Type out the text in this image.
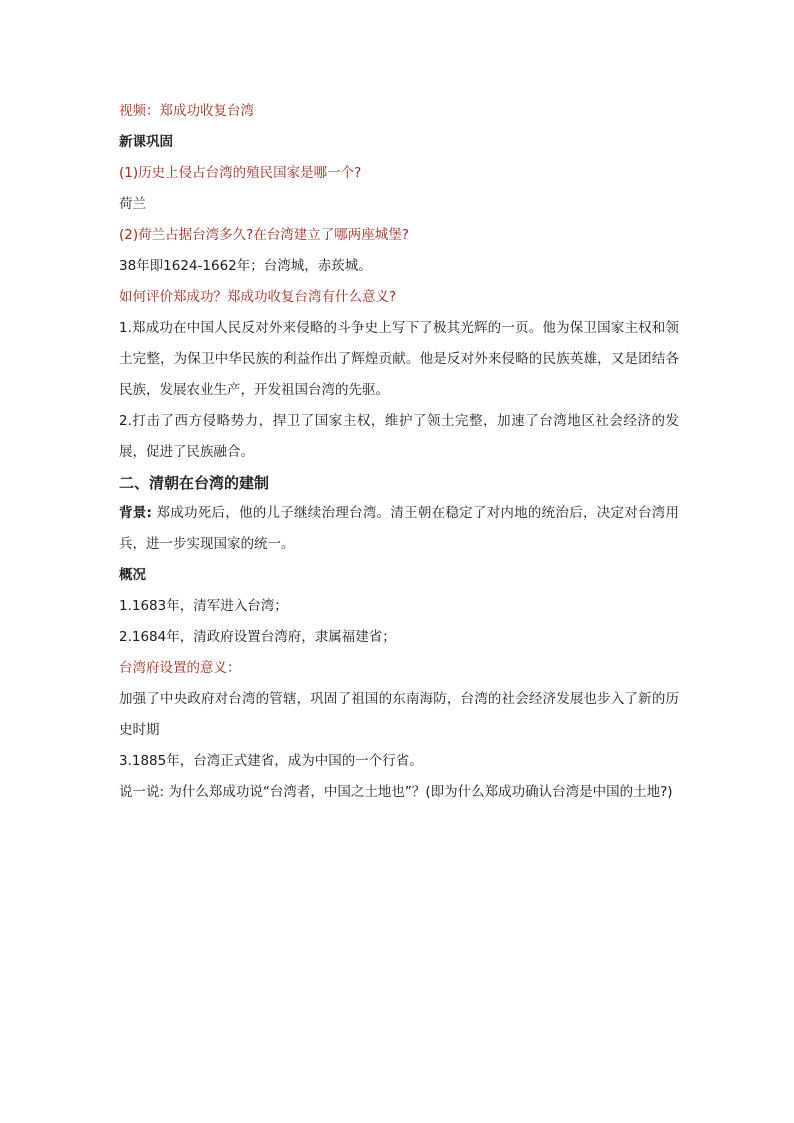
视频：郑成功收复台湾

新课巩固

(1)历史上侵占台湾的殖民国家是哪一个?

荷兰

(2)荷兰占据台湾多久?在台湾建立了哪两座城堡?

38年即1624-1662年；台湾城，赤莰城。

如何评价郑成功？郑成功收复台湾有什么意义?

1.郑成功在中国人民反对外来侵略的斗争史上写下了极其光辉的一页。他为保卫国家主权和领土完整，为保卫中华民族的利益作出了辉煌贡献。他是反对外来侵略的民族英雄，又是团结各民族，发展农业生产，开发祖国台湾的先驱。

2.打击了西方侵略势力，捍卫了国家主权，维护了领土完整，加速了台湾地区社会经济的发展，促进了民族融合。

二、清朝在台湾的建制

背景: 郑成功死后，他的儿子继续治理台湾。清王朝在稳定了对内地的统治后，决定对台湾用兵，进一步实现国家的统一。

概况

1.1683年，清军进入台湾；

2.1684年，清政府设置台湾府，隶属福建省；

台湾府设置的意义：

加强了中央政府对台湾的管辖，巩固了祖国的东南海防，台湾的社会经济发展也步入了新的历史时期

3.1885年，台湾正式建省，成为中国的一个行省。

说一说: 为什么郑成功说“台湾者，中国之土地也”？(即为什么郑成功确认台湾是中国的土地?)
